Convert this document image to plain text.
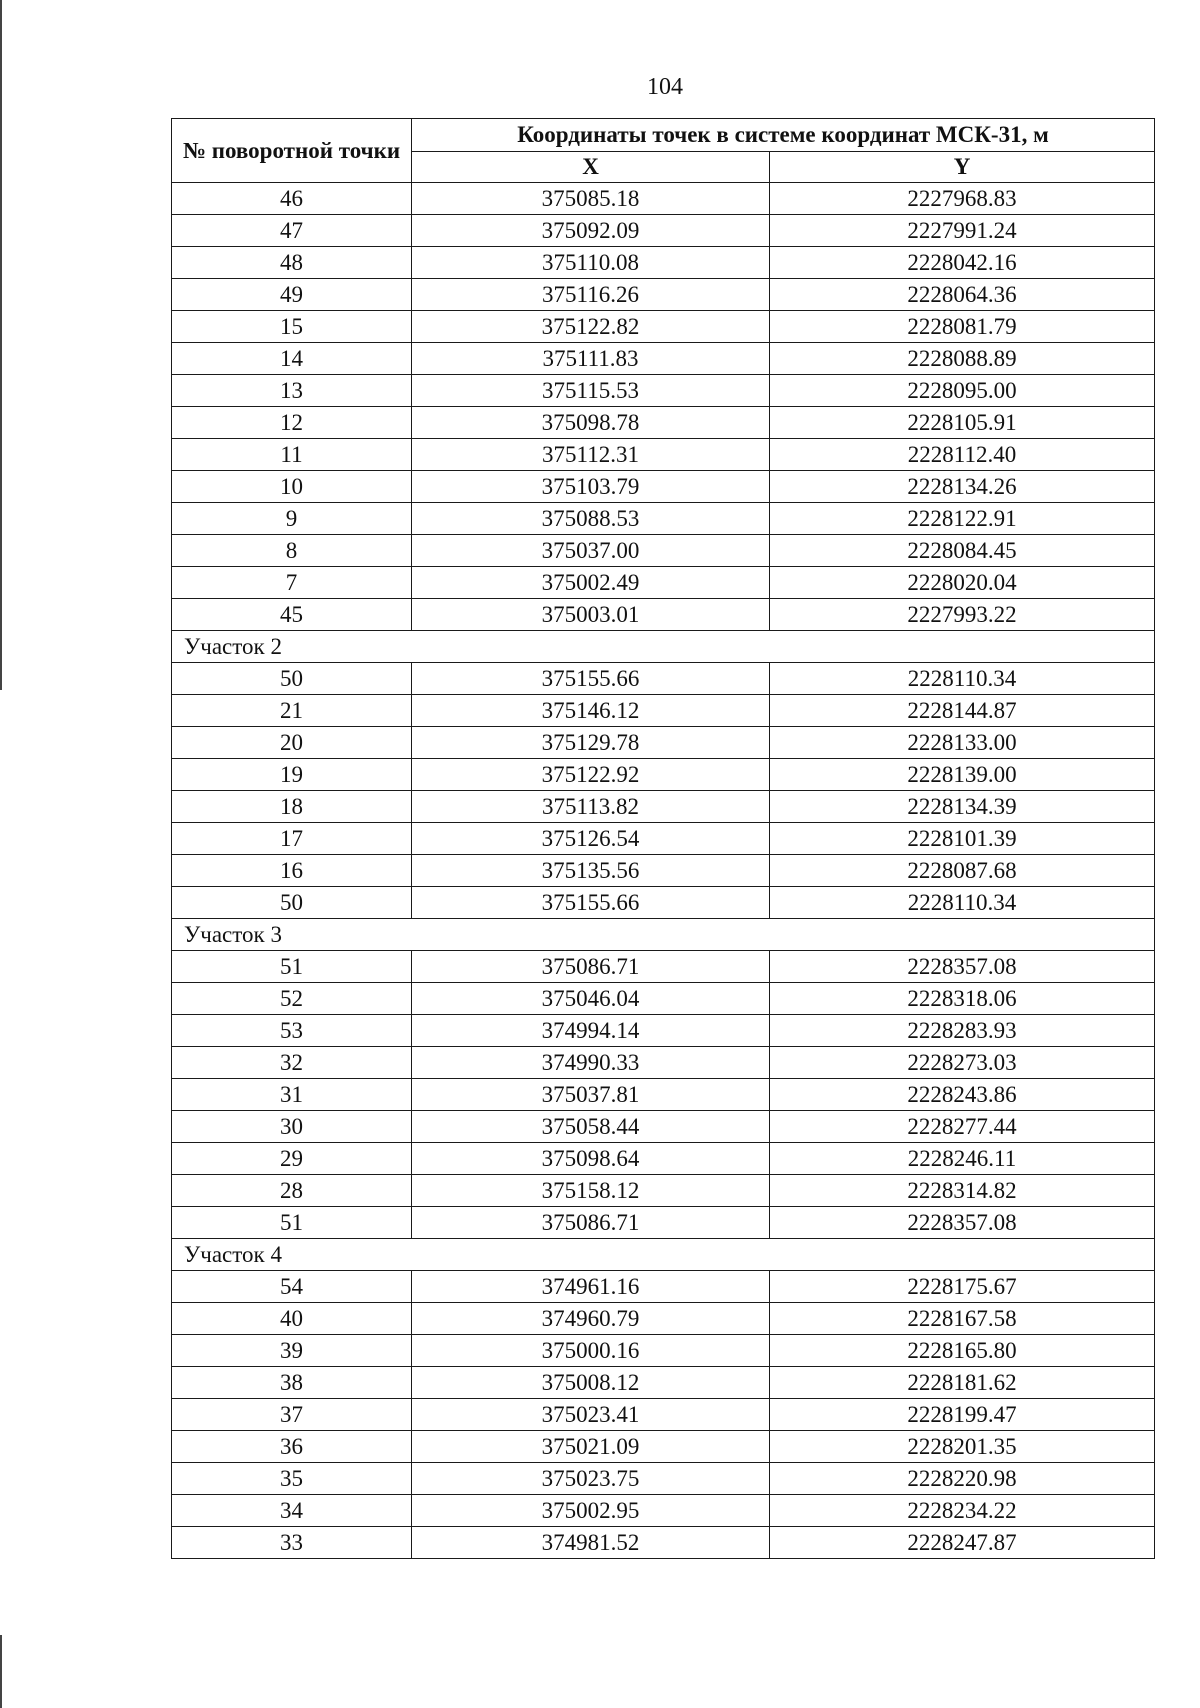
104
№ поворотной точки	Координаты точек в системе координат МСК-31, м	
	X	Y
46	375085.18	2227968.83
47	375092.09	2227991.24
48	375110.08	2228042.16
49	375116.26	2228064.36
15	375122.82	2228081.79
14	375111.83	2228088.89
13	375115.53	2228095.00
12	375098.78	2228105.91
11	375112.31	2228112.40
10	375103.79	2228134.26
9	375088.53	2228122.91
8	375037.00	2228084.45
7	375002.49	2228020.04
45	375003.01	2227993.22
Участок 2		
50	375155.66	2228110.34
21	375146.12	2228144.87
20	375129.78	2228133.00
19	375122.92	2228139.00
18	375113.82	2228134.39
17	375126.54	2228101.39
16	375135.56	2228087.68
50	375155.66	2228110.34
Участок 3		
51	375086.71	2228357.08
52	375046.04	2228318.06
53	374994.14	2228283.93
32	374990.33	2228273.03
31	375037.81	2228243.86
30	375058.44	2228277.44
29	375098.64	2228246.11
28	375158.12	2228314.82
51	375086.71	2228357.08
Участок 4		
54	374961.16	2228175.67
40	374960.79	2228167.58
39	375000.16	2228165.80
38	375008.12	2228181.62
37	375023.41	2228199.47
36	375021.09	2228201.35
35	375023.75	2228220.98
34	375002.95	2228234.22
33	374981.52	2228247.87
